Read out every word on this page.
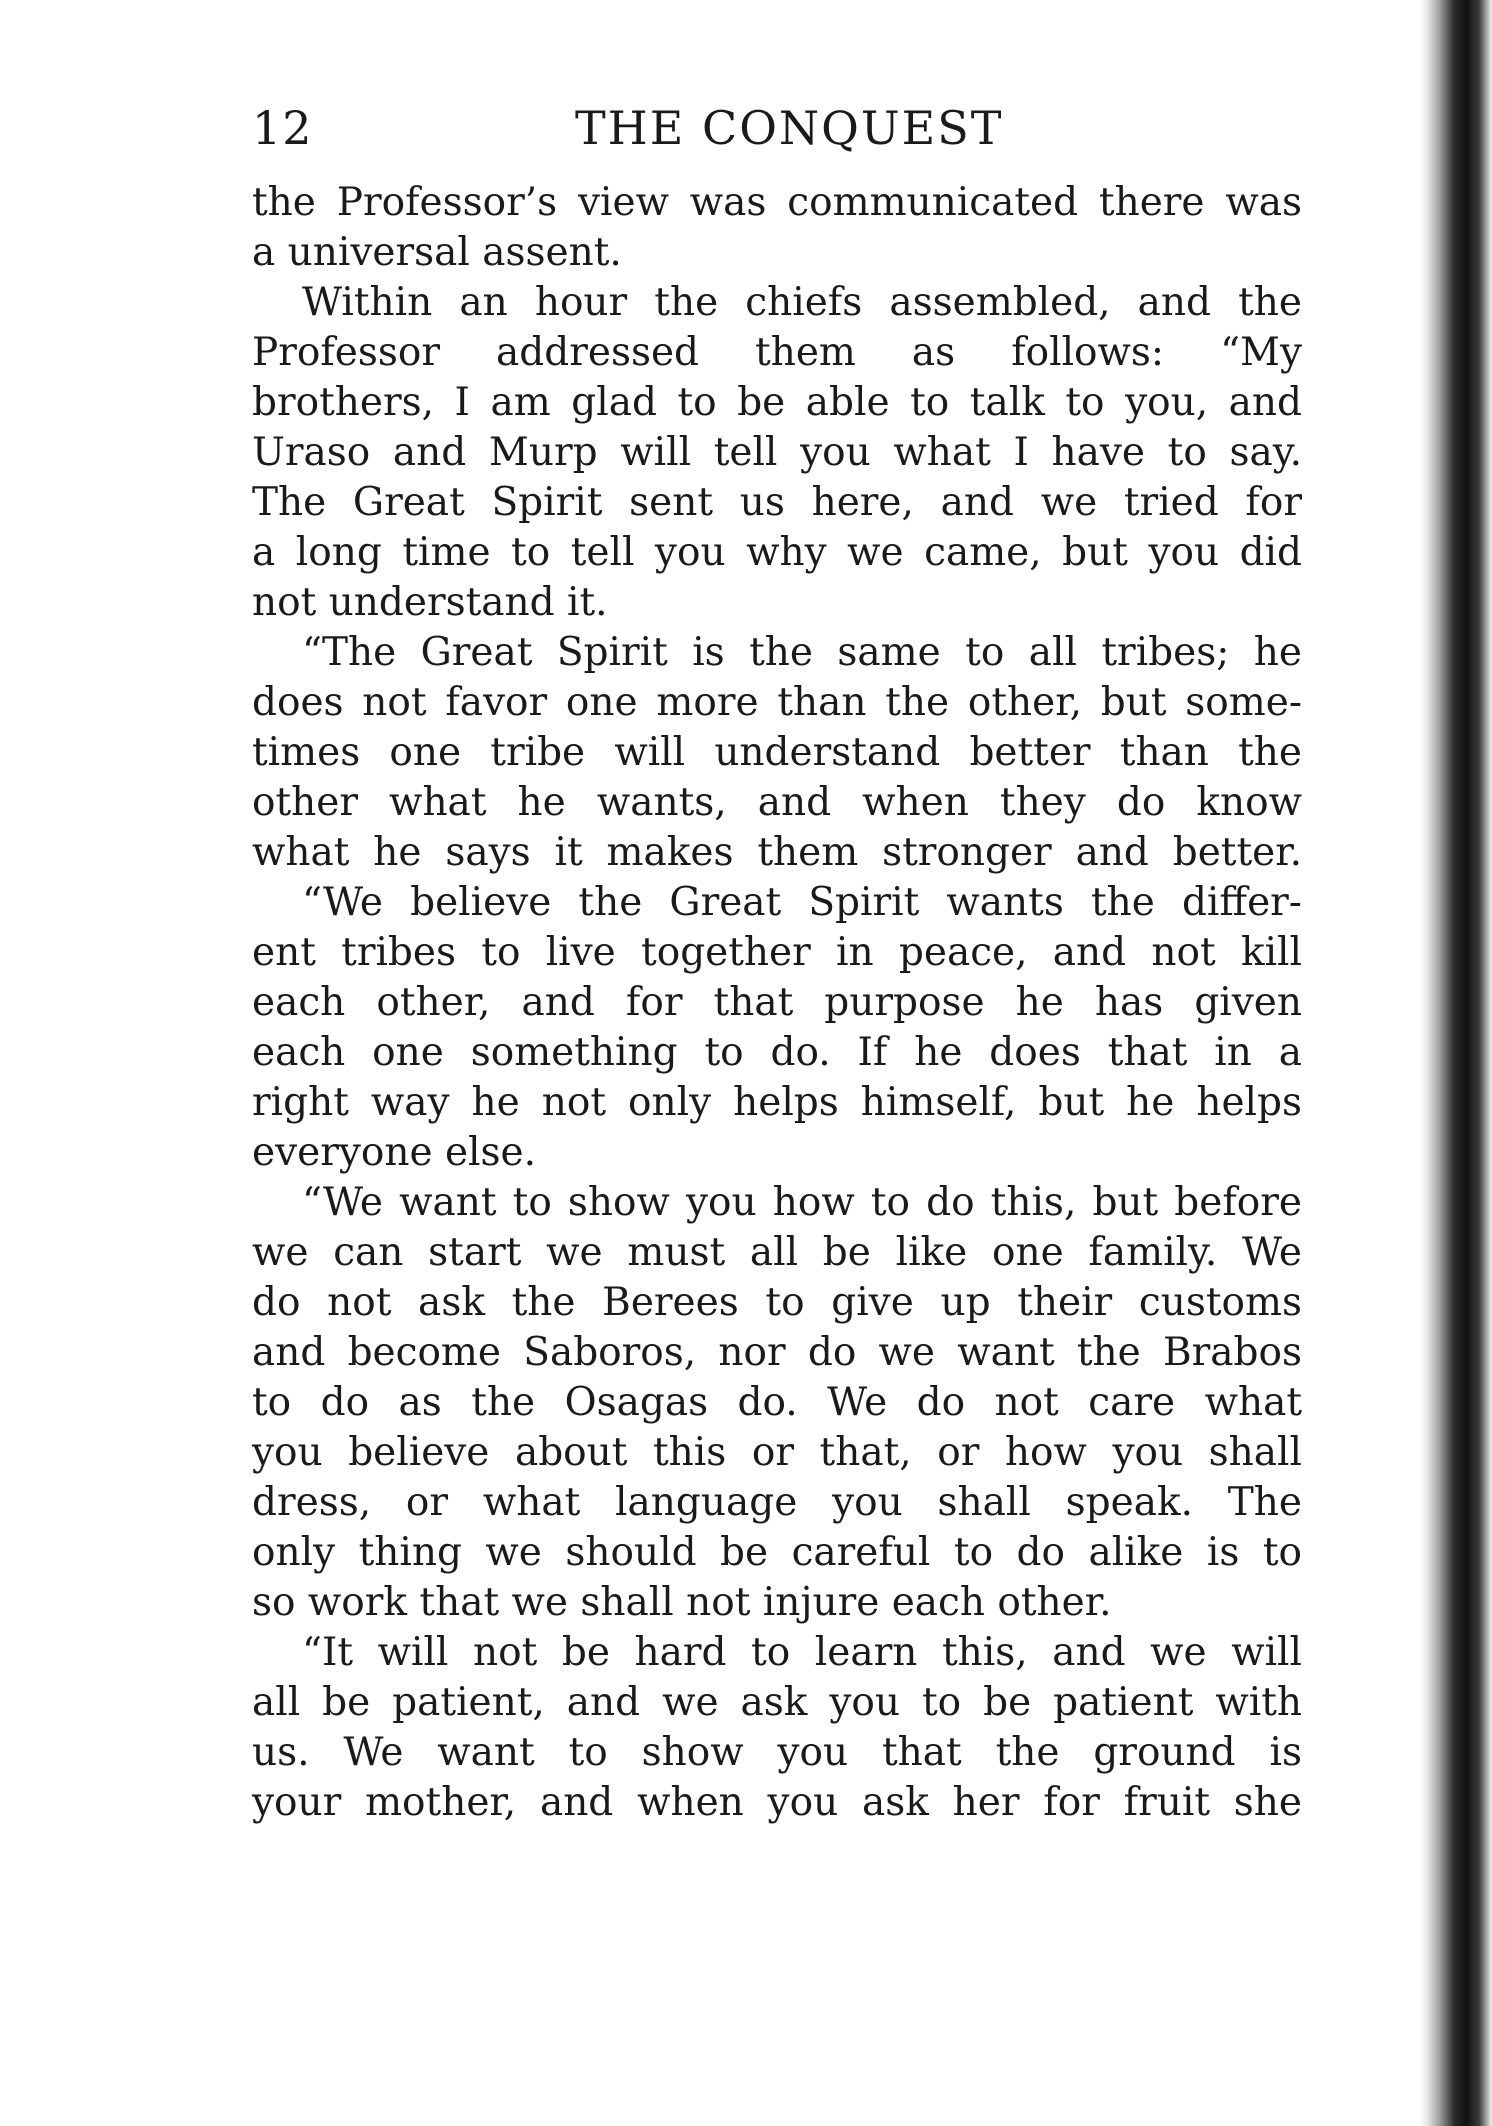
12	THE CONQUEST

the Professor’s view was communicated there was
a universal assent.

Within an hour the chiefs assembled, and the
Professor addressed them as follows: “My
brothers, I am glad to be able to talk to you, and
Uraso and Murp will tell you what I have to say.
The Great Spirit sent us here, and we tried for
a long time to tell you why we came, but you did
not understand it.

“The Great Spirit is the same to all tribes; he
does not favor one more than the other, but some-
times one tribe will understand better than the
other what he wants, and when they do know
what he says it makes them stronger and better.

“We believe the Great Spirit wants the differ-
ent tribes to live together in peace, and not kill
each other, and for that purpose he has given
each one something to do. If he does that in a
right way he not only helps himself, but he helps
everyone else.

“We want to show you how to do this, but before
we can start we must all be like one family. We
do not ask the Berees to give up their customs
and become Saboros, nor do we want the Brabos
to do as the Osagas do. We do not care what
you believe about this or that, or how you shall
dress, or what language you shall speak. The
only thing we should be careful to do alike is to
so work that we shall not injure each other.

“It will not be hard to learn this, and we will
all be patient, and we ask you to be patient with
us. We want to show you that the ground is
your mother, and when you ask her for fruit she
